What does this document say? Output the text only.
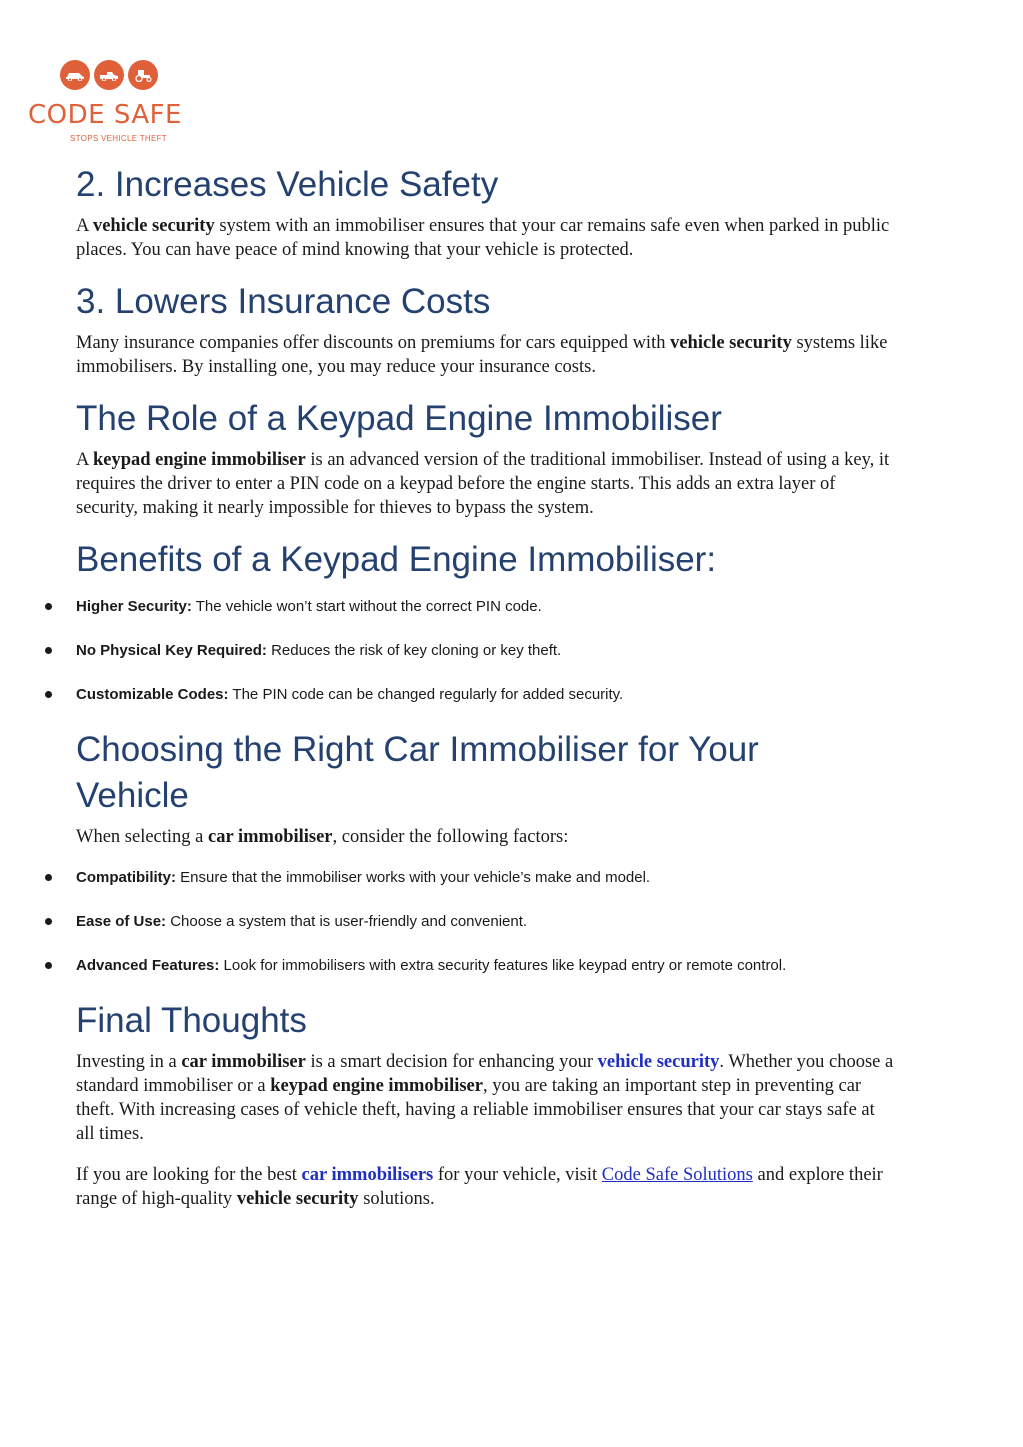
CODE SAFE
STOPS VEHICLE THEFT
2. Increases Vehicle Safety

A vehicle security system with an immobiliser ensures that your car remains safe even when parked in public places. You can have peace of mind knowing that your vehicle is protected.

3. Lowers Insurance Costs

Many insurance companies offer discounts on premiums for cars equipped with vehicle security systems like immobilisers. By installing one, you may reduce your insurance costs.

The Role of a Keypad Engine Immobiliser

A keypad engine immobiliser is an advanced version of the traditional immobiliser. Instead of using a key, it requires the driver to enter a PIN code on a keypad before the engine starts. This adds an extra layer of security, making it nearly impossible for thieves to bypass the system.

Benefits of a Keypad Engine Immobiliser:
Higher Security: The vehicle won’t start without the correct PIN code.
No Physical Key Required: Reduces the risk of key cloning or key theft.
Customizable Codes: The PIN code can be changed regularly for added security.
Choosing the Right Car Immobiliser for Your Vehicle

When selecting a car immobiliser, consider the following factors:

Compatibility: Ensure that the immobiliser works with your vehicle’s make and model.
Ease of Use: Choose a system that is user-friendly and convenient.
Advanced Features: Look for immobilisers with extra security features like keypad entry or remote control.
Final Thoughts

Investing in a car immobiliser is a smart decision for enhancing your vehicle security. Whether you choose a standard immobiliser or a keypad engine immobiliser, you are taking an important step in preventing car theft. With increasing cases of vehicle theft, having a reliable immobiliser ensures that your car stays safe at all times.

If you are looking for the best car immobilisers for your vehicle, visit Code Safe Solutions and explore their range of high-quality vehicle security solutions.
